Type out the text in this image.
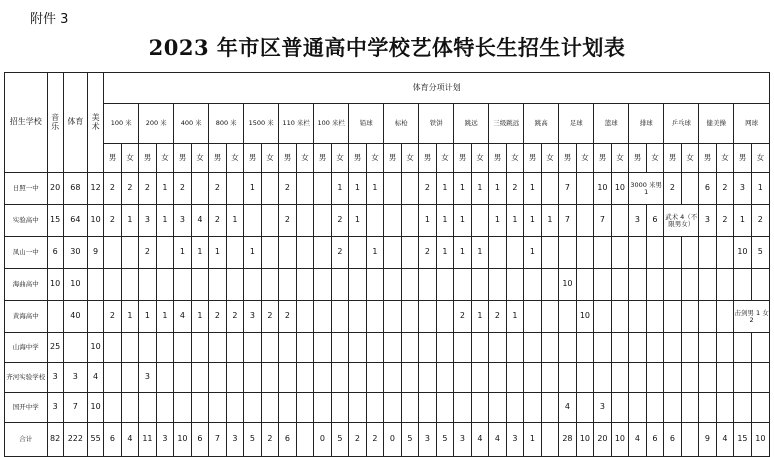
附件 3
2023 年市区普通高中学校艺体特长生招生计划表
招生学校	音乐	体育	美术	体育分项计划																																					
				100 米		200 米		400 米		800 米		1500 米		110 米栏		100 米栏		铅球		标枪		铁饼		跳远		三级跳远		跳高		足球		篮球		排球		乒乓球		健美操		网球	
				男	女	男	女	男	女	男	女	男	女	男	女	男	女	男	女	男	女	男	女	男	女	男	女	男	女	男	女	男	女	男	女	男	女	男	女	男	女
日照一中	20	68	12	2	2	2	1	2		2		1		2			1	1	1			2	1	1	1	1	2	1		7		10	10	3000 米男 1		2		6	2	3	1
实验高中	15	64	10	2	1	3	1	3	4	2	1			2			2	1				1	1	1		1	1	1	1	7		7		3	6	武术 4（不限男女）		3	2	1	2
凤山一中	6	30	9			2		1	1	1		1					2		1			2	1	1	1			1												10	5
海曲高中	10	10																												10											
黄海高中		40		2	1	1	1	4	1	2	2	3	2	2										2	1	2	1				10									击剑男 1 女 2	
山海中学	25		10																																						
齐河实验学校	3	3	4			3																																			
国开中学	3	7	10																											4		3									
合计	82	222	55	6	4	11	3	10	6	7	3	5	2	6		0	5	2	2	0	5	3	5	3	4	4	3	1		28	10	20	10	4	6	6		9	4	15	10
